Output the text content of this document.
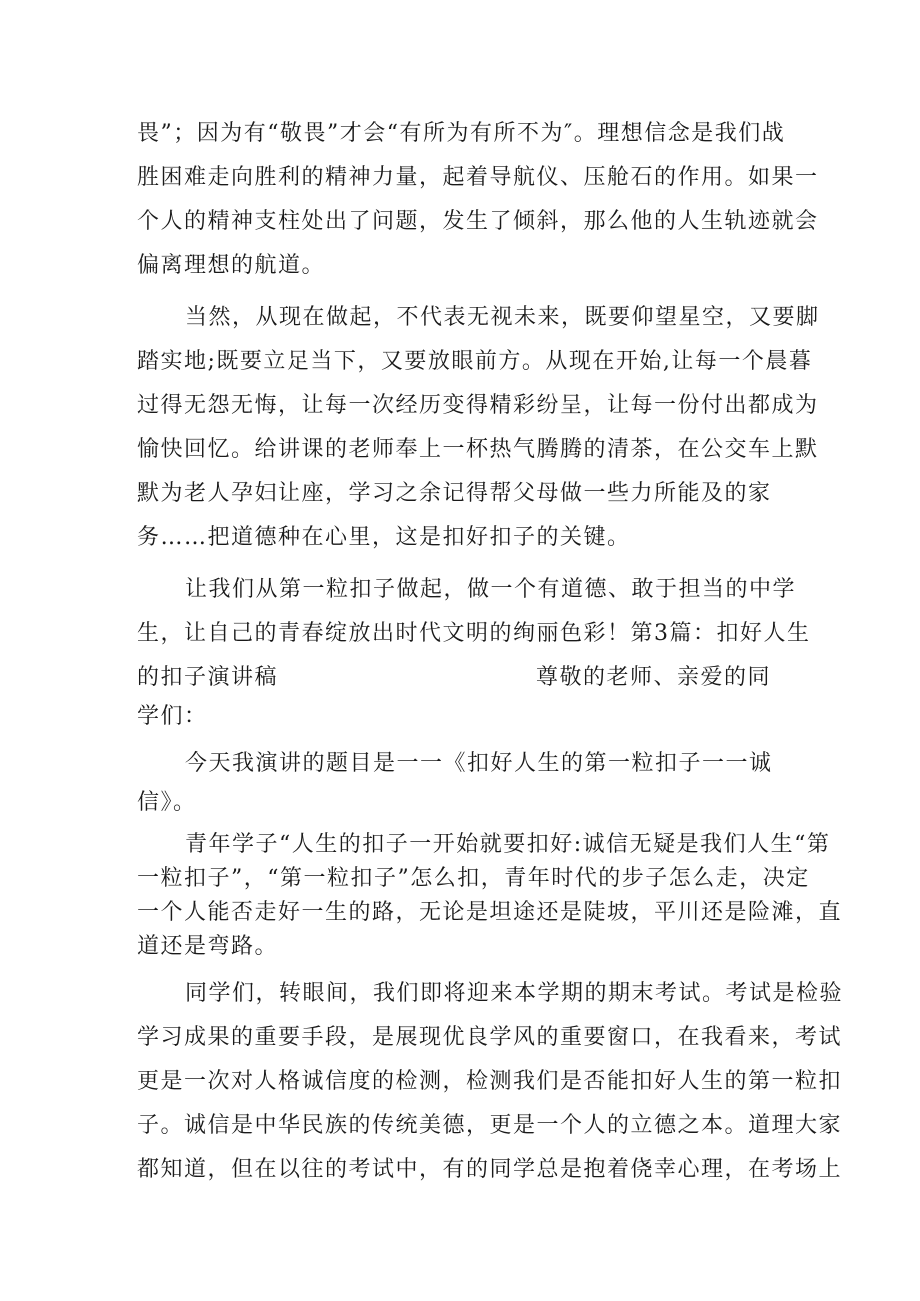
畏”；因为有“敬畏”才会“有所为有所不为″。理想信念是我们战
胜困难走向胜利的精神力量，起着导航仪、压舱石的作用。如果一
个人的精神支柱处出了问题，发生了倾斜，那么他的人生轨迹就会
偏离理想的航道。
当然，从现在做起，不代表无视未来，既要仰望星空，又要脚
踏实地;既要立足当下，又要放眼前方。从现在开始,让每一个晨暮
过得无怨无悔，让每一次经历变得精彩纷呈，让每一份付出都成为
愉快回忆。给讲课的老师奉上一杯热气腾腾的清茶，在公交车上默
默为老人孕妇让座，学习之余记得帮父母做一些力所能及的家
务……把道德种在心里，这是扣好扣子的关键。
让我们从第一粒扣子做起，做一个有道德、敢于担当的中学
生，让自己的青春绽放出时代文明的绚丽色彩！第3篇：扣好人生
的扣子演讲稿	尊敬的老师、亲爱的同
学们：
今天我演讲的题目是一一《扣好人生的第一粒扣子一一诚
信》。
青年学子“人生的扣子一开始就要扣好:诚信无疑是我们人生“第
一粒扣子”，“第一粒扣子”怎么扣，青年时代的步子怎么走，决定
一个人能否走好一生的路，无论是坦途还是陡坡，平川还是险滩，直
道还是弯路。
同学们，转眼间，我们即将迎来本学期的期末考试。考试是检验
学习成果的重要手段，是展现优良学风的重要窗口，在我看来，考试
更是一次对人格诚信度的检测，检测我们是否能扣好人生的第一粒扣
子。诚信是中华民族的传统美德，更是一个人的立德之本。道理大家
都知道，但在以往的考试中，有的同学总是抱着侥幸心理，在考场上
